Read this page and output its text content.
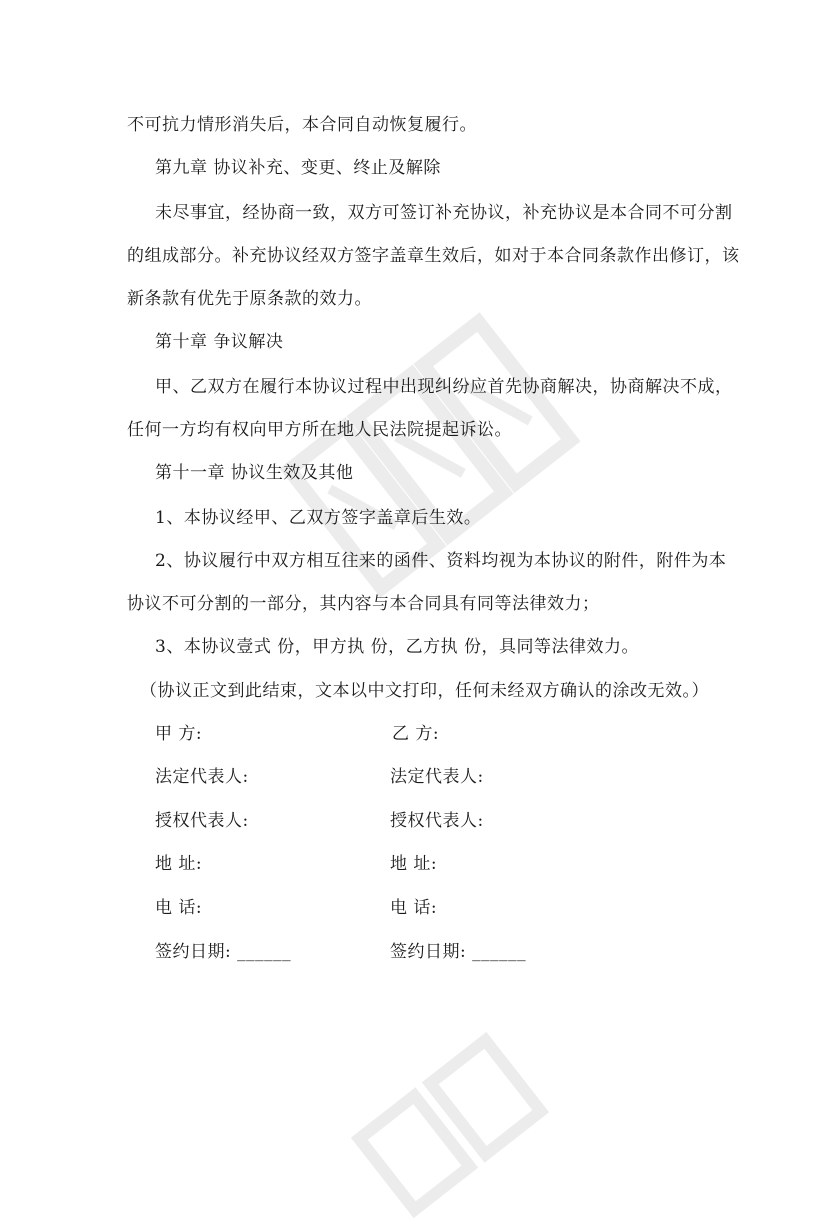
不可抗力情形消失后，本合同自动恢复履行。
第九章 协议补充、变更、终止及解除
未尽事宜，经协商一致，双方可签订补充协议，补充协议是本合同不可分割
的组成部分。补充协议经双方签字盖章生效后，如对于本合同条款作出修订，该
新条款有优先于原条款的效力。
第十章 争议解决
甲、乙双方在履行本协议过程中出现纠纷应首先协商解决，协商解决不成，
任何一方均有权向甲方所在地人民法院提起诉讼。
第十一章 协议生效及其他
1、本协议经甲、乙双方签字盖章后生效。
2、协议履行中双方相互往来的函件、资料均视为本协议的附件，附件为本
协议不可分割的一部分，其内容与本合同具有同等法律效力；
3、本协议壹式 份，甲方执 份，乙方执 份，具同等法律效力。
（协议正文到此结束，文本以中文打印，任何未经双方确认的涂改无效。）
甲 方:
法定代表人:
授权代表人:
地 址:
电 话:
签约日期: ______
乙 方:
法定代表人:
授权代表人:
地 址:
电 话:
签约日期: ______
